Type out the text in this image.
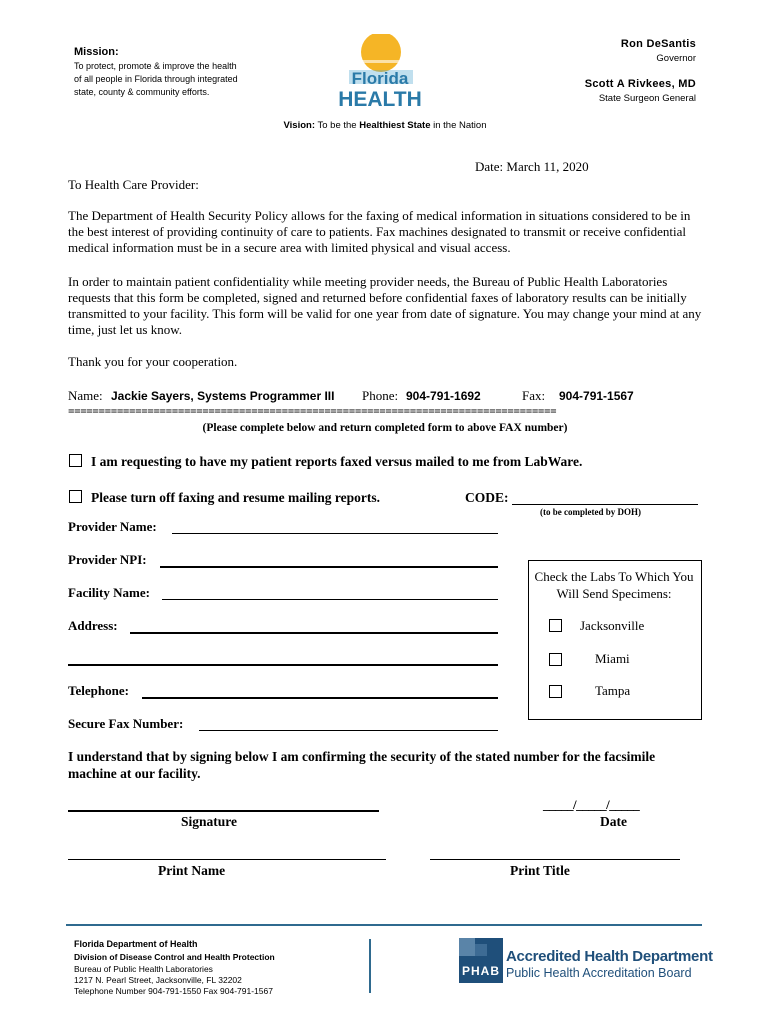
Mission:
To protect, promote & improve the health of all people in Florida through integrated state, county & community efforts.
Florida
HEALTH
Ron DeSantis
Governor
Scott A Rivkees, MD
State Surgeon General
Vision: To be the Healthiest State in the Nation
Date: March 11, 2020
To Health Care Provider:
The Department of Health Security Policy allows for the faxing of medical information in situations considered to be in the best interest of providing continuity of care to patients. Fax machines designated to transmit or receive confidential medical information must be in a secure area with limited physical and visual access.
In order to maintain patient confidentiality while meeting provider needs, the Bureau of Public Health Laboratories requests that this form be completed, signed and returned before confidential faxes of laboratory results can be initially transmitted to your facility. This form will be valid for one year from date of signature. You may change your mind at any time, just let us know.
Thank you for your cooperation.
Name: Jackie Sayers, Systems Programmer III Phone: 904-791-1692	Fax: 904-791-1567
================================================================================
(Please complete below and return completed form to above FAX number)
I am requesting to have my patient reports faxed versus mailed to me from LabWare.
Please turn off faxing and resume mailing reports.	CODE:
(to be completed by DOH)
Provider Name:
Provider NPI:
Facility Name:
Address:
Telephone:
Secure Fax Number:
Check the Labs To Which You Will Send Specimens:
Jacksonville
Miami
Tampa
I understand that by signing below I am confirming the security of the stated number for the facsimile machine at our facility.
Signature
_____/_____/_____
Date
Print Name	Print Title
Florida Department of Health
Division of Disease Control and Health Protection
Bureau of Public Health Laboratories
1217 N. Pearl Street, Jacksonville, FL 32202
Telephone Number 904-791-1550 Fax 904-791-1567
PHAB
Accredited Health Department
Public Health Accreditation Board
